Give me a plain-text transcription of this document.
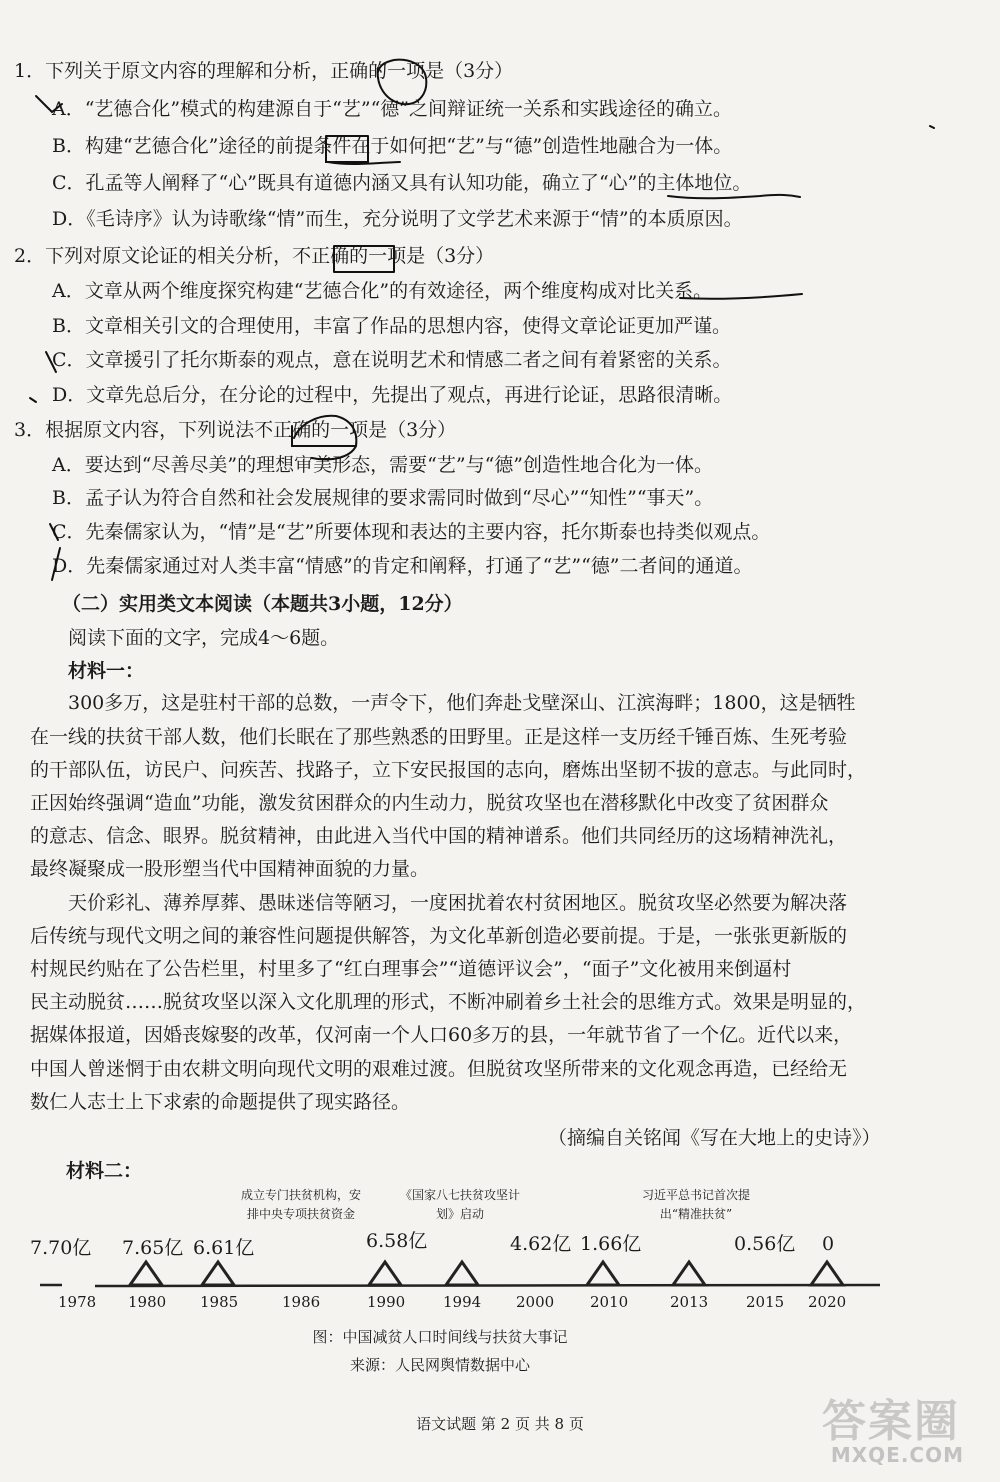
1．下列关于原文内容的理解和分析，正确的一项是（3分）
A．“艺德合化”模式的构建源自于“艺”“德”之间辩证统一关系和实践途径的确立。
B．构建“艺德合化”途径的前提条件在于如何把“艺”与“德”创造性地融合为一体。
C．孔孟等人阐释了“心”既具有道德内涵又具有认知功能，确立了“心”的主体地位。
D．《毛诗序》认为诗歌缘“情”而生，充分说明了文学艺术来源于“情”的本质原因。
2．下列对原文论证的相关分析，不正确的一项是（3分）
A．文章从两个维度探究构建“艺德合化”的有效途径，两个维度构成对比关系。
B．文章相关引文的合理使用，丰富了作品的思想内容，使得文章论证更加严谨。
C．文章援引了托尔斯泰的观点，意在说明艺术和情感二者之间有着紧密的关系。
D．文章先总后分，在分论的过程中，先提出了观点，再进行论证，思路很清晰。
3．根据原文内容，下列说法不正确的一项是（3分）
A．要达到“尽善尽美”的理想审美形态，需要“艺”与“德”创造性地合化为一体。
B．孟子认为符合自然和社会发展规律的要求需同时做到“尽心”“知性”“事天”。
C．先秦儒家认为，“情”是“艺”所要体现和表达的主要内容，托尔斯泰也持类似观点。
D．先秦儒家通过对人类丰富“情感”的肯定和阐释，打通了“艺”“德”二者间的通道。
（二）实用类文本阅读（本题共3小题，12分）
阅读下面的文字，完成4～6题。
材料一：
300多万，这是驻村干部的总数，一声令下，他们奔赴戈壁深山、江滨海畔；1800，这是牺牲
在一线的扶贫干部人数，他们长眠在了那些熟悉的田野里。正是这样一支历经千锤百炼、生死考验
的干部队伍，访民户、问疾苦、找路子，立下安民报国的志向，磨炼出坚韧不拔的意志。与此同时，
正因始终强调“造血”功能，激发贫困群众的内生动力，脱贫攻坚也在潜移默化中改变了贫困群众
的意志、信念、眼界。脱贫精神，由此进入当代中国的精神谱系。他们共同经历的这场精神洗礼，
最终凝聚成一股形塑当代中国精神面貌的力量。
天价彩礼、薄养厚葬、愚昧迷信等陋习，一度困扰着农村贫困地区。脱贫攻坚必然要为解决落
后传统与现代文明之间的兼容性问题提供解答，为文化革新创造必要前提。于是，一张张更新版的
村规民约贴在了公告栏里，村里多了“红白理事会”“道德评议会”，“面子”文化被用来倒逼村
民主动脱贫……脱贫攻坚以深入文化肌理的形式，不断冲刷着乡土社会的思维方式。效果是明显的，
据媒体报道，因婚丧嫁娶的改革，仅河南一个人口60多万的县，一年就节省了一个亿。近代以来，
中国人曾迷惘于由农耕文明向现代文明的艰难过渡。但脱贫攻坚所带来的文化观念再造，已经给无
数仁人志士上下求索的命题提供了现实路径。
（摘编自关铭闻《写在大地上的史诗》）
材料二：
成立专门扶贫机构，安排中央专项扶贫资金
《国家八七扶贫攻坚计划》启动
习近平总书记首次提出“精准扶贫”
7.70亿 7.65亿 6.61亿	6.58亿	4.62亿 1.66亿	0.56亿 0
1978 1980 1985	1986	1990	1994 2000 2010	2013	2015 2020
图：中国减贫人口时间线与扶贫大事记
来源：人民网舆情数据中心
语文试题 第 2 页 共 8 页	答案圈
MXQE.COM
